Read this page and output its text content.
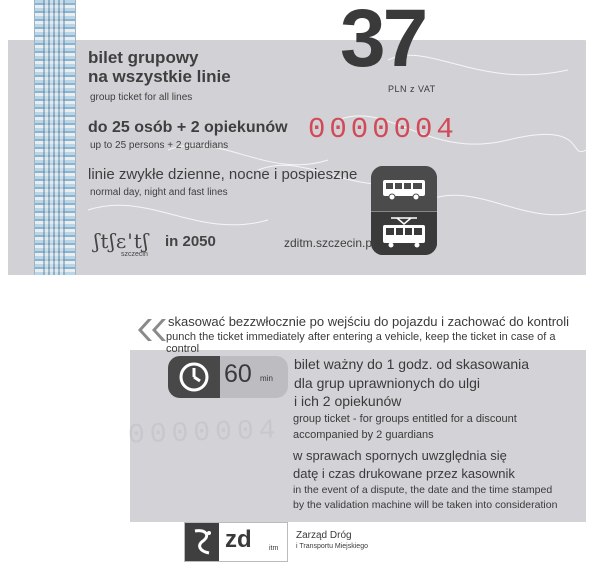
37
PLN z VAT
bilet grupowy
na wszystkie linie
group ticket for all lines
do 25 osób + 2 opiekunów
up to 25 persons + 2 guardians	0000004
linie zwykłe dzienne, nocne i pospieszne
normal day, night and fast lines
ʃtʃɛ'tʃ in 2050
szczecin
zditm.szczecin.pl
skasować bezzwłocznie po wejściu do pojazdu i zachować do kontroli
punch the ticket immediately after entering a vehicle, keep the ticket in case of a control
0000004
60 min
bilet ważny do 1 godz. od skasowania
dla grup uprawnionych do ulgi
i ich 2 opiekunów
group ticket - for groups entitled for a discount
accompanied by 2 guardians
w sprawach spornych uwzględnia się
datę i czas drukowane przez kasownik
in the event of a dispute, the date and the time stamped
by the validation machine will be taken into consideration
zd itm
Zarząd Dróg
i Transportu Miejskiego
